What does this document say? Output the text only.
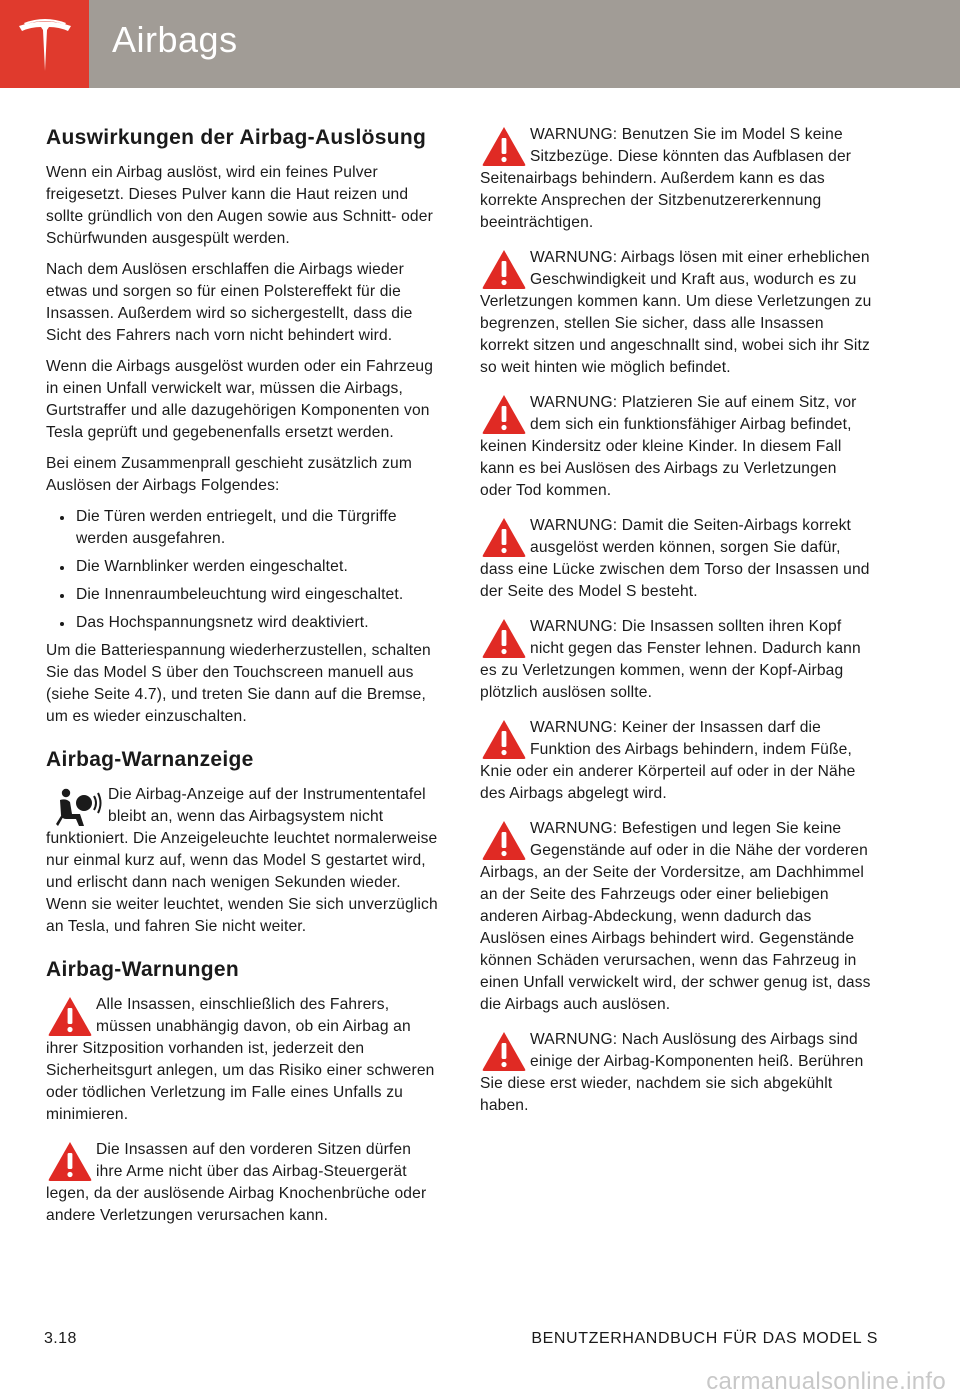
Airbags
Auswirkungen der Airbag-Auslösung

Wenn ein Airbag auslöst, wird ein feines Pulver freigesetzt. Dieses Pulver kann die Haut reizen und sollte gründlich von den Augen sowie aus Schnitt- oder Schürfwunden ausgespült werden.

Nach dem Auslösen erschlaffen die Airbags wieder etwas und sorgen so für einen Polstereffekt für die Insassen. Außerdem wird so sichergestellt, dass die Sicht des Fahrers nach vorn nicht behindert wird.

Wenn die Airbags ausgelöst wurden oder ein Fahrzeug in einen Unfall verwickelt war, müssen die Airbags, Gurtstraffer und alle dazugehörigen Komponenten von Tesla geprüft und gegebenenfalls ersetzt werden.

Bei einem Zusammenprall geschieht zusätzlich zum Auslösen der Airbags Folgendes:

• Die Türen werden entriegelt, und die Türgriffe werden ausgefahren.
• Die Warnblinker werden eingeschaltet.
• Die Innenraumbeleuchtung wird eingeschaltet.
• Das Hochspannungsnetz wird deaktiviert.

Um die Batteriespannung wiederherzustellen, schalten Sie das Model S über den Touchscreen manuell aus (siehe Seite 4.7), und treten Sie dann auf die Bremse, um es wieder einzuschalten.

Airbag-Warnanzeige
Die Airbag-Anzeige auf der Instrumententafel bleibt an, wenn das Airbagsystem nicht funktioniert. Die Anzeigeleuchte leuchtet normalerweise nur einmal kurz auf, wenn das Model S gestartet wird, und erlischt dann nach wenigen Sekunden wieder. Wenn sie weiter leuchtet, wenden Sie sich unverzüglich an Tesla, und fahren Sie nicht weiter.
Airbag-Warnungen
Alle Insassen, einschließlich des Fahrers, müssen unabhängig davon, ob ein Airbag an ihrer Sitzposition vorhanden ist, jederzeit den Sicherheitsgurt anlegen, um das Risiko einer schweren oder tödlichen Verletzung im Falle eines Unfalls zu minimieren.
Die Insassen auf den vorderen Sitzen dürfen ihre Arme nicht über das Airbag-Steuergerät legen, da der auslösende Airbag Knochenbrüche oder andere Verletzungen verursachen kann.
WARNUNG: Benutzen Sie im Model S keine Sitzbezüge. Diese könnten das Aufblasen der Seitenairbags behindern. Außerdem kann es das korrekte Ansprechen der Sitzbenutzererkennung beeinträchtigen.
WARNUNG: Airbags lösen mit einer erheblichen Geschwindigkeit und Kraft aus, wodurch es zu Verletzungen kommen kann. Um diese Verletzungen zu begrenzen, stellen Sie sicher, dass alle Insassen korrekt sitzen und angeschnallt sind, wobei sich ihr Sitz so weit hinten wie möglich befindet.
WARNUNG: Platzieren Sie auf einem Sitz, vor dem sich ein funktionsfähiger Airbag befindet, keinen Kindersitz oder kleine Kinder. In diesem Fall kann es bei Auslösen des Airbags zu Verletzungen oder Tod kommen.
WARNUNG: Damit die Seiten-Airbags korrekt ausgelöst werden können, sorgen Sie dafür, dass eine Lücke zwischen dem Torso der Insassen und der Seite des Model S besteht.
WARNUNG: Die Insassen sollten ihren Kopf nicht gegen das Fenster lehnen. Dadurch kann es zu Verletzungen kommen, wenn der Kopf-Airbag plötzlich auslösen sollte.
WARNUNG: Keiner der Insassen darf die Funktion des Airbags behindern, indem Füße, Knie oder ein anderer Körperteil auf oder in der Nähe des Airbags abgelegt wird.
WARNUNG: Befestigen und legen Sie keine Gegenstände auf oder in die Nähe der vorderen Airbags, an der Seite der Vordersitze, am Dachhimmel an der Seite des Fahrzeugs oder einer beliebigen anderen Airbag-Abdeckung, wenn dadurch das Auslösen eines Airbags behindert wird. Gegenstände können Schäden verursachen, wenn das Fahrzeug in einen Unfall verwickelt wird, der schwer genug ist, dass die Airbags auch auslösen.
WARNUNG: Nach Auslösung des Airbags sind einige der Airbag-Komponenten heiß. Berühren Sie diese erst wieder, nachdem sie sich abgekühlt haben.
3.18	BENUTZERHANDBUCH FÜR DAS MODEL S
carmanualsonline.info
